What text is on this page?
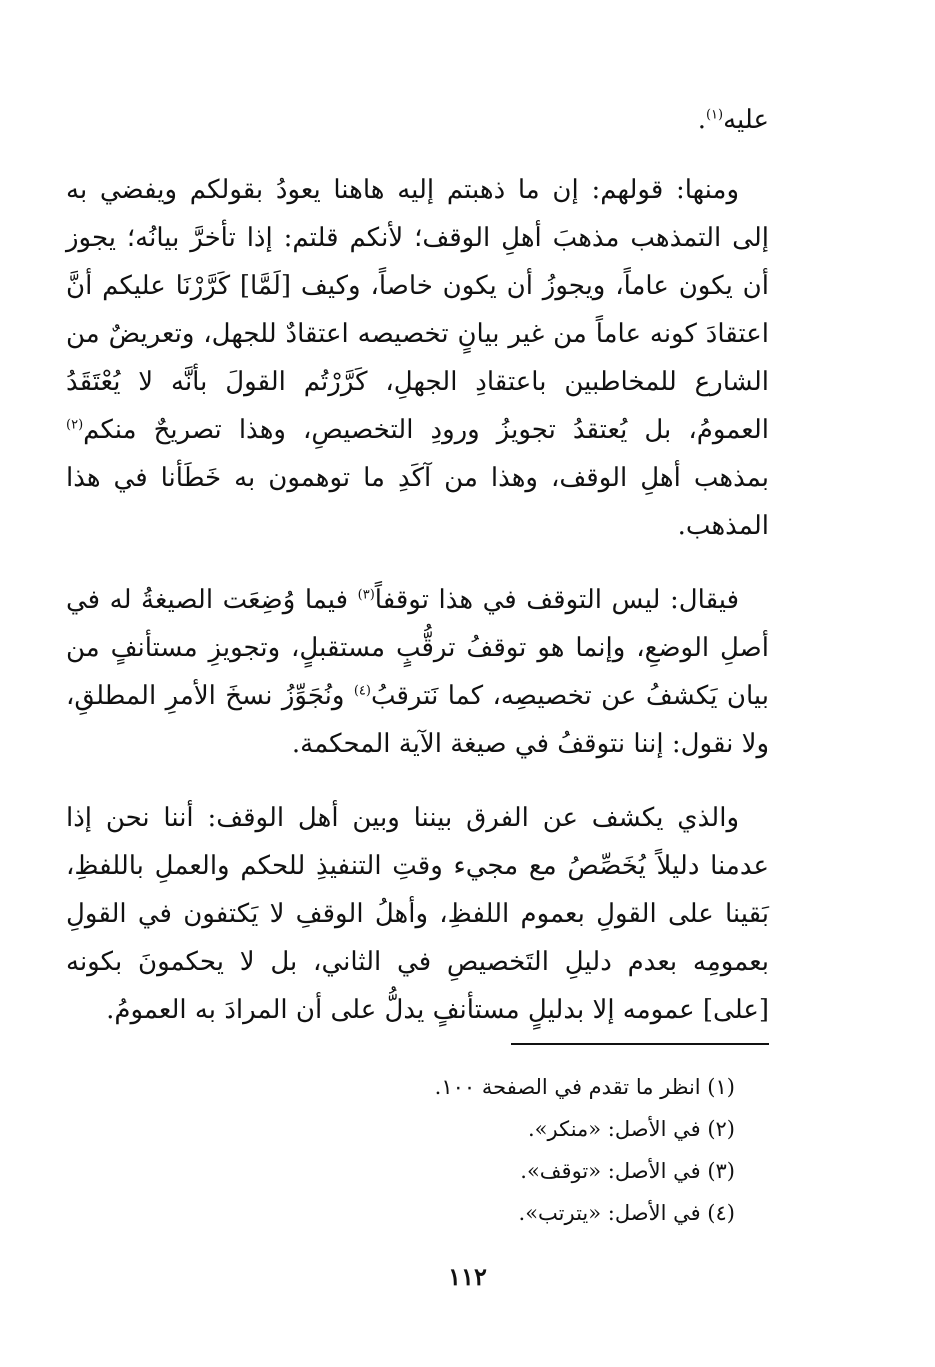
عليه$^{(١)}$.

ومنها: قولهم: إن ما ذهبتم إليه هاهنا يعودُ بقولكم ويفضي به إلى التمذهب مذهبَ أهلِ الوقف؛ لأنكم قلتم: إذا تأخرَّ بيانُه؛ يجوز أن يكون عاماً، ويجوزُ أن يكون خاصاً، وكيف [لَمَّا] كَرَّرْنَا عليكم أنَّ اعتقادَ كونه عاماً من غير بيانٍ تخصيصه اعتقادٌ للجهل، وتعريضٌ من الشارع للمخاطبين باعتقادِ الجهلِ، كَرَّرْتُم القولَ بأنَّه لا يُعْتَقَدُ العمومُ، بل يُعتقدُ تجويزُ ورودِ التخصيصِ، وهذا تصريحٌ منكم$^{(٢)}$ بمذهب أهلِ الوقف، وهذا من آكَدِ ما توهمون به خَطَأنا في هذا المذهب.

فيقال: ليس التوقف في هذا توقفاً$^{(٣)}$ فيما وُضِعَت الصيغةُ له في أصلِ الوضعِ، وإنما هو توقفُ ترقُّبٍ مستقبلٍ، وتجويزِ مستأنفٍ من بيان يَكشفُ عن تخصيصِه، كما نَترقبُ$^{(٤)}$ ونُجَوِّزُ نسخَ الأمرِ المطلقِ، ولا نقول: إننا نتوقفُ في صيغة الآية المحكمة.

والذي يكشف عن الفرق بيننا وبين أهل الوقف: أننا نحن إذا عدمنا دليلاً يُخَصِّصُ مع مجيء وقتِ التنفيذِ للحكم والعملِ باللفظِ، بَقينا على القولِ بعموم اللفظِ، وأهلُ الوقفِ لا يَكتفون في القولِ بعمومِه بعدم دليلِ التَخصيصِ في الثاني، بل لا يحكمونَ بكونه [على] عمومه إلا بدليلٍ مستأنفٍ يدلُّ على أن المرادَ به العمومُ.

(١) انظر ما تقدم في الصفحة ١٠٠.
(٢) في الأصل: «منكر».
(٣) في الأصل: «توقف».
(٤) في الأصل: «يترتب».
١١٢
